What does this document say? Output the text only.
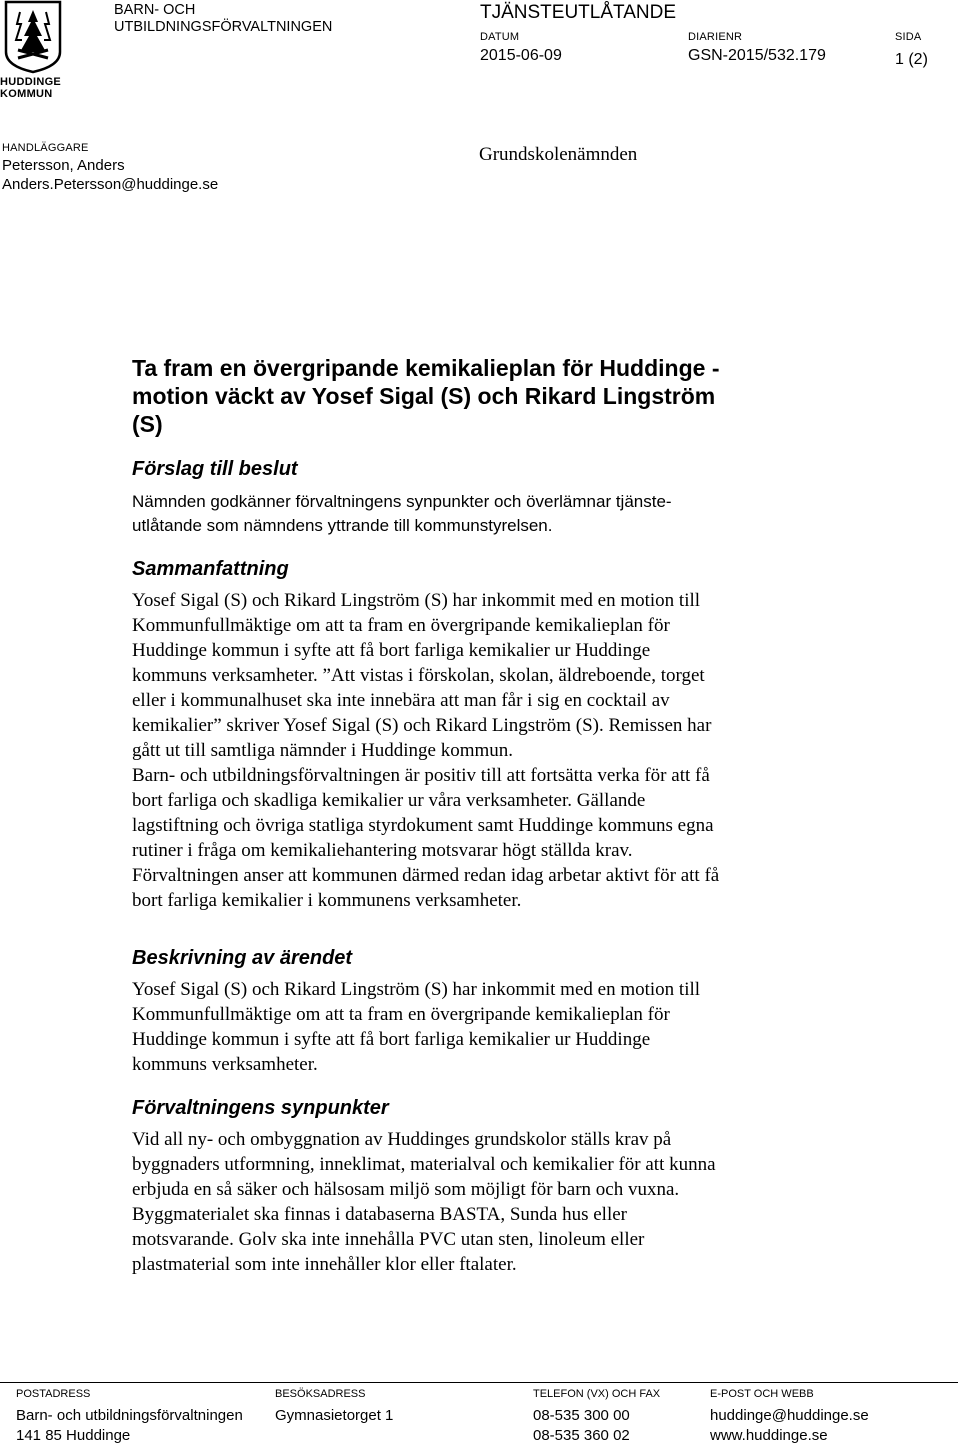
HUDDINGE KOMMUN
BARN- OCH
UTBILDNINGSFÖRVALTNINGEN
TJÄNSTEUTLÅTANDE
DATUM
2015-06-09
DIARIENR
GSN-2015/532.179
SIDA
1 (2)
HANDLÄGGARE
Petersson, Anders
Anders.Petersson@huddinge.se
Grundskolenämnden
Ta fram en övergripande kemikalieplan för Huddinge -
motion väckt av Yosef Sigal (S) och Rikard Lingström
(S)
Förslag till beslut
Nämnden godkänner förvaltningens synpunkter och överlämnar tjänste-
utlåtande som nämndens yttrande till kommunstyrelsen.
Sammanfattning
Yosef Sigal (S) och Rikard Lingström (S) har inkommit med en motion till
Kommunfullmäktige om att ta fram en övergripande kemikalieplan för
Huddinge kommun i syfte att få bort farliga kemikalier ur Huddinge
kommuns verksamheter. ”Att vistas i förskolan, skolan, äldreboende, torget
eller i kommunalhuset ska inte innebära att man får i sig en cocktail av
kemikalier” skriver Yosef Sigal (S) och Rikard Lingström (S). Remissen har
gått ut till samtliga nämnder i Huddinge kommun.
Barn- och utbildningsförvaltningen är positiv till att fortsätta verka för att få
bort farliga och skadliga kemikalier ur våra verksamheter. Gällande
lagstiftning och övriga statliga styrdokument samt Huddinge kommuns egna
rutiner i fråga om kemikaliehantering motsvarar högt ställda krav.
Förvaltningen anser att kommunen därmed redan idag arbetar aktivt för att få
bort farliga kemikalier i kommunens verksamheter.
Beskrivning av ärendet
Yosef Sigal (S) och Rikard Lingström (S) har inkommit med en motion till
Kommunfullmäktige om att ta fram en övergripande kemikalieplan för
Huddinge kommun i syfte att få bort farliga kemikalier ur Huddinge
kommuns verksamheter.
Förvaltningens synpunkter
Vid all ny- och ombyggnation av Huddinges grundskolor ställs krav på
byggnaders utformning, inneklimat, materialval och kemikalier för att kunna
erbjuda en så säker och hälsosam miljö som möjligt för barn och vuxna.
Byggmaterialet ska finnas i databaserna BASTA, Sunda hus eller
motsvarande. Golv ska inte innehålla PVC utan sten, linoleum eller
plastmaterial som inte innehåller klor eller ftalater.
POSTADRESS
Barn- och utbildningsförvaltningen
141 85 Huddinge
BESÖKSADRESS
Gymnasietorget 1
TELEFON (VX) OCH FAX
08-535 300 00
08-535 360 02
E-POST OCH WEBB
huddinge@huddinge.se
www.huddinge.se
